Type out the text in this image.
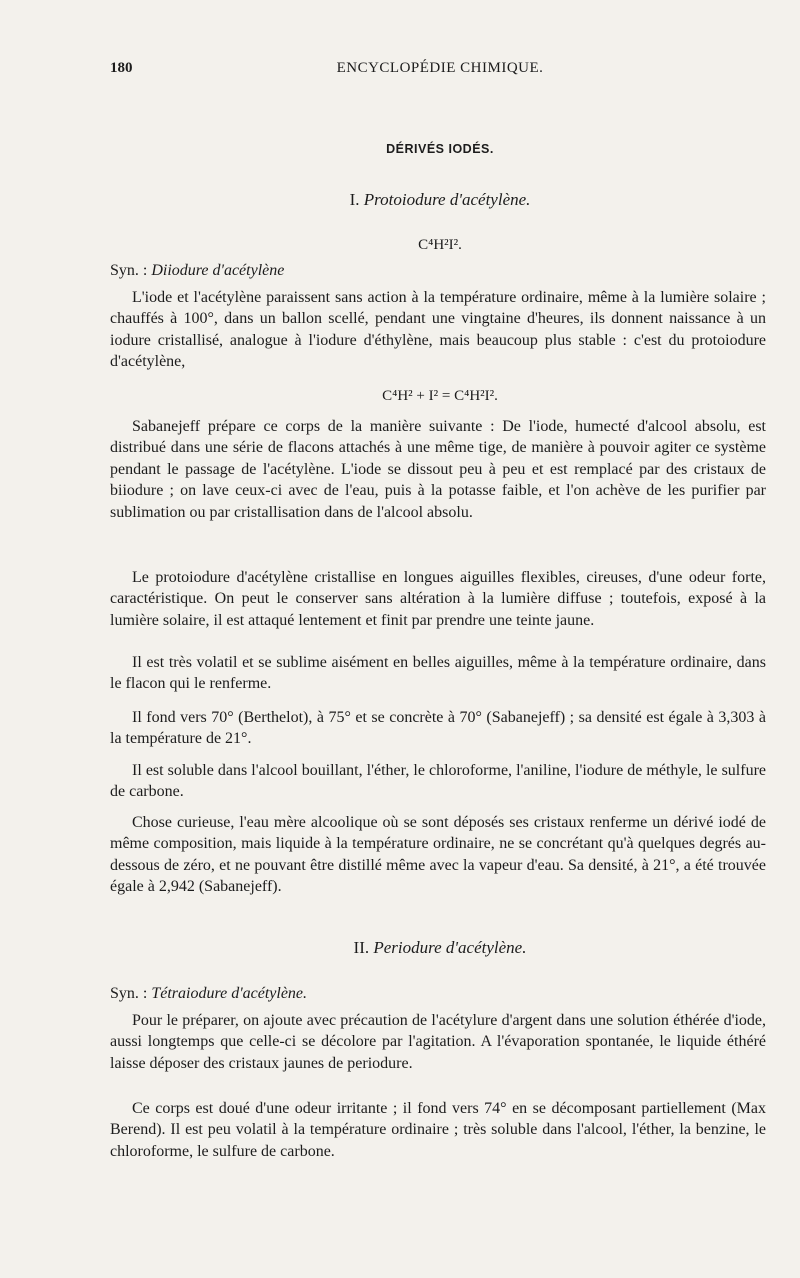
180	ENCYCLOPÉDIE CHIMIQUE.
DÉRIVÉS IODÉS.
I. Protoiodure d'acétylène.
C⁴H²I².
Syn. : Diiodure d'acétylène
L'iode et l'acétylène paraissent sans action à la température ordinaire, même à la lumière solaire ; chauffés à 100°, dans un ballon scellé, pendant une vingtaine d'heures, ils donnent naissance à un iodure cristallisé, analogue à l'iodure d'éthylène, mais beaucoup plus stable : c'est du protoiodure d'acétylène,
C⁴H² + I² = C⁴H²I².
Sabanejeff prépare ce corps de la manière suivante : De l'iode, humecté d'alcool absolu, est distribué dans une série de flacons attachés à une même tige, de manière à pouvoir agiter ce système pendant le passage de l'acétylène. L'iode se dissout peu à peu et est remplacé par des cristaux de biiodure ; on lave ceux-ci avec de l'eau, puis à la potasse faible, et l'on achève de les purifier par sublimation ou par cristallisation dans de l'alcool absolu.
Le protoiodure d'acétylène cristallise en longues aiguilles flexibles, cireuses, d'une odeur forte, caractéristique. On peut le conserver sans altération à la lumière diffuse ; toutefois, exposé à la lumière solaire, il est attaqué lentement et finit par prendre une teinte jaune.
Il est très volatil et se sublime aisément en belles aiguilles, même à la température ordinaire, dans le flacon qui le renferme.
Il fond vers 70° (Berthelot), à 75° et se concrète à 70° (Sabanejeff) ; sa densité est égale à 3,303 à la température de 21°.
Il est soluble dans l'alcool bouillant, l'éther, le chloroforme, l'aniline, l'iodure de méthyle, le sulfure de carbone.
Chose curieuse, l'eau mère alcoolique où se sont déposés ses cristaux renferme un dérivé iodé de même composition, mais liquide à la température ordinaire, ne se concrétant qu'à quelques degrés au-dessous de zéro, et ne pouvant être distillé même avec la vapeur d'eau. Sa densité, à 21°, a été trouvée égale à 2,942 (Sabanejeff).
II. Periodure d'acétylène.
Syn. : Tétraiodure d'acétylène.
Pour le préparer, on ajoute avec précaution de l'acétylure d'argent dans une solution éthérée d'iode, aussi longtemps que celle-ci se décolore par l'agitation. A l'évaporation spontanée, le liquide éthéré laisse déposer des cristaux jaunes de periodure.
Ce corps est doué d'une odeur irritante ; il fond vers 74° en se décomposant partiellement (Max Berend). Il est peu volatil à la température ordinaire ; très soluble dans l'alcool, l'éther, la benzine, le chloroforme, le sulfure de carbone.
